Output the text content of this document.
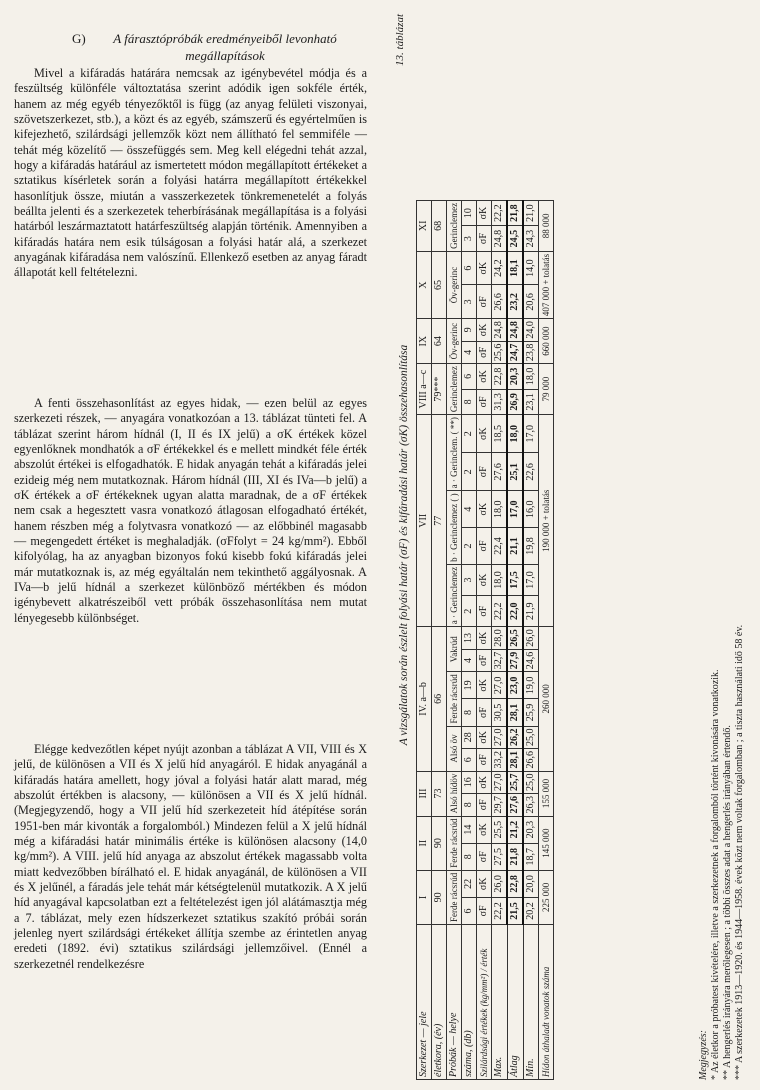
G)	A fárasztópróbák eredményeiből levonható megállapítások

Mivel a kifáradás határára nemcsak az igénybevétel módja és a feszültség különféle változtatása szerint adódik igen sokféle érték, hanem az még egyéb tényezőktől is függ (az anyag felületi viszonyai, szövetszerkezet, stb.), a közt és az egyéb, számszerű és egyértelműen is kifejezhető, szilárdsági jellemzők közt nem állítható fel semmiféle — tehát még közelítő — összefüggés sem. Meg kell elégedni tehát azzal, hogy a kifáradás határául az ismertetett módon megállapított értékeket a sztatikus kísérletek során a folyási határra megállapított értékekkel hasonlítjuk össze, miután a vasszerkezetek tönkremenetelét a folyás beállta jelenti és a szerkezetek teherbírásának megállapítása is a folyási határból leszármaztatott határfeszültség alapján történik. Amennyiben a kifáradás határa nem esik túlságosan a folyási határ alá, a szerkezet anyagának kifáradása nem valószínű. Ellenkező esetben az anyag fáradt állapotát kell feltételezni.

A fenti összehasonlítást az egyes hidak, — ezen belül az egyes szerkezeti részek, — anyagára vonatkozóan a 13. táblázat tünteti fel. A táblázat szerint három hídnál (I, II és IX jelű) a σK értékek közel egyenlőknek mondhatók a σF értékekkel és e mellett mindkét féle érték abszolút értékei is elfogadhatók. E hidak anyagán tehát a kifáradás jelei ezideig még nem mutatkoznak. Három hídnál (III, XI és IVa—b jelű) a σK értékek a σF értékeknek ugyan alatta maradnak, de a σF értékek nem csak a hegesztett vasra vonatkozó átlagosan elfogadható értékét, hanem részben még a folytvasra vonatkozó — az előbbinél magasabb — megengedett értéket is meghaladják. (σFfolyt = 24 kg/mm²). Ebből kifolyólag, ha az anyagban bizonyos fokú kisebb fokú kifáradás jelei már mutatkoznak is, az még egyáltalán nem tekinthető aggályosnak. A IVa—b jelű hídnál a szerkezet különböző mértékben és módon igénybevett alkatrészeiből vett próbák összehasonlítása nem mutat lényegesebb különbséget.

Elégge kedvezőtlen képet nyújt azonban a táblázat A VII, VIII és X jelű, de különösen a VII és X jelű híd anyagáról. E hidak anyagánál a kifáradás határa amellett, hogy jóval a folyási határ alatt marad, még abszolút értékben is alacsony, — különösen a VII és X jelű hídnál. (Megjegyzendő, hogy a VII jelű híd szerkezeteit híd átépítése során 1951-ben már kivonták a forgalomból.) Mindezen felül a X jelű hídnál még a kifáradási határ minimális értéke is különösen alacsony (14,0 kg/mm²). A VIII. jelű híd anyaga az abszolut értékek magassabb volta miatt kedvezőbben bírálható el. E hidak anyagánál, de különösen a VII és X jelűnél, a fáradás jele tehát már kétségtelenül mutatkozik. A X jelű híd anyagával kapcsolatban ezt a feltételezést igen jól alátámasztja még a 7. táblázat, mely ezen hídszerkezet sztatikus szakító próbái során jelenleg nyert szilárdsági értékeket állítja szembe az érintetlen anyag eredeti (1892. évi) sztatikus szilárdsági jellemzőivel. (Ennél a szerkezetnél rendelkezésre

13. táblázat
A vizsgálatok során észlelt folyási határ (σF) és kifáradási határ (σK) összehasonlítása
Szerkezet — jele	I		II		III		IV. a—b						VII						VIII a—c		IX		X		XI	
életkora, (év)	90		90		73		66						77						79***		64		65		68	
Próbák — helye	Ferde rácsrúd		Ferde rácsrúd		Alsó hídöv		Alsó öv		Ferde rácsrúd		Vakrúd		a · Gerinclemez		b · Gerinclemez ( )		a · Gerinclem. ( **)		Gerinclemez		Öv-gerinc		Öv-gerinc		Gerinclemez	
száma, (db)	6	22	8	14	8	16	6	28	8	19	4	13	2	3	2	4	2	2	8	6	4	9	3	6	3	10
Szilárdsági értékek (kg/mm²) / érték	σF	σK	σF	σK	σF	σK	σF	σK	σF	σK	σF	σK	σF	σK	σF	σK	σF	σK	σF	σK	σF	σK	σF	σK	σF	σK
Max.	22,2	26,0	27,5	25,5	29,7	27,0	33,2	27,0	30,5	27,0	32,7	28,0	22,2	18,0	22,4	18,0	27,6	18,5	31,3	22,8	25,6	24,8	26,6	24,2	24,8	22,2
Átlag	21,5	22,8	21,8	21,2	27,6	25,7	28,1	26,2	28,1	23,0	27,9	26,5	22,0	17,5	21,1	17,0	25,1	18,0	26,9	20,3	24,7	24,8	23,2	18,1	24,5	21,8
Min.	20,2	20,0	18,7	20,3	26,3	25,0	26,6	25,0	25,9	19,0	24,6	26,0	21,9	17,0	19,8	16,0	22,6	17,0	23,1	18,0	23,8	24,0	20,6	14,0	24,3	21,0
Hídon áthaladt vonatok száma	225 000		145 000		155 000		260 000						190 000 + tolatás						79 000		660 000		407 000 + tolatás		88 000	
Megjegyzés: * Az életkor a próbatest kivételére, illetve a szerkezetnek a forgalomból történt kivonására vonatkozik. ** A hengerlés irányára merőlegesen ; a többi összes adat a hengerlés irányában értendő. *** A szerkezetek 1913—1920. és 1944—1958. évek közt nem voltak forgalomban ; a tiszta használati idő 58 év.
